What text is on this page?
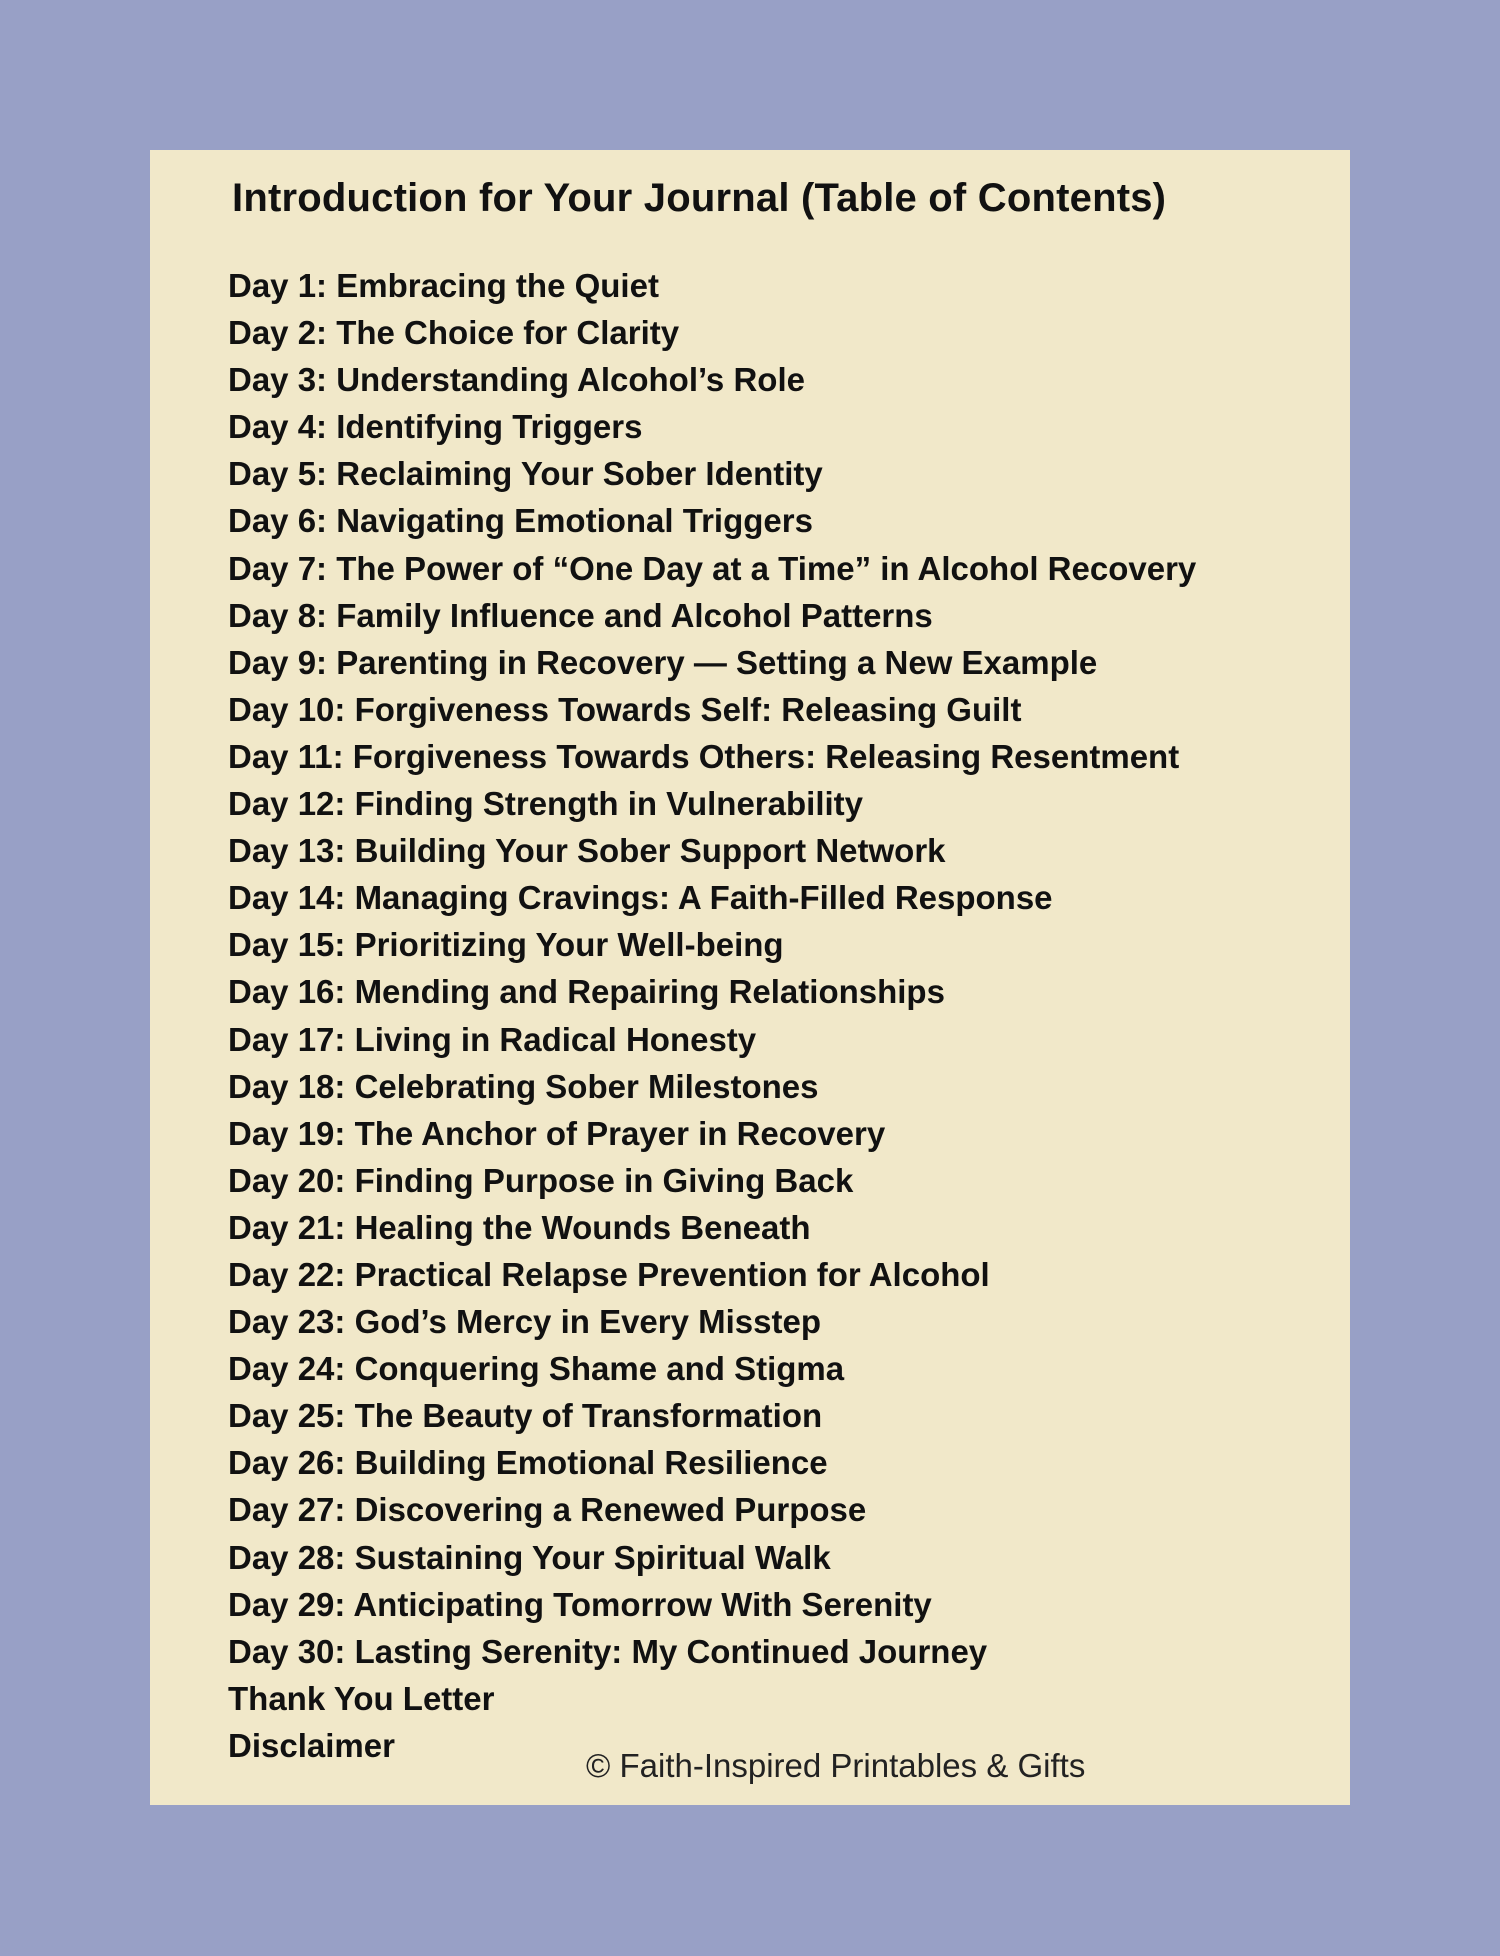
Introduction for Your Journal (Table of Contents)
Day 1: Embracing the Quiet
Day 2: The Choice for Clarity
Day 3: Understanding Alcohol’s Role
Day 4: Identifying Triggers
Day 5: Reclaiming Your Sober Identity
Day 6: Navigating Emotional Triggers
Day 7: The Power of “One Day at a Time” in Alcohol Recovery
Day 8: Family Influence and Alcohol Patterns
Day 9: Parenting in Recovery — Setting a New Example
Day 10: Forgiveness Towards Self: Releasing Guilt
Day 11: Forgiveness Towards Others: Releasing Resentment
Day 12: Finding Strength in Vulnerability
Day 13: Building Your Sober Support Network
Day 14: Managing Cravings: A Faith-Filled Response
Day 15: Prioritizing Your Well-being
Day 16: Mending and Repairing Relationships
Day 17: Living in Radical Honesty
Day 18: Celebrating Sober Milestones
Day 19: The Anchor of Prayer in Recovery
Day 20: Finding Purpose in Giving Back
Day 21: Healing the Wounds Beneath
Day 22: Practical Relapse Prevention for Alcohol
Day 23: God’s Mercy in Every Misstep
Day 24: Conquering Shame and Stigma
Day 25: The Beauty of Transformation
Day 26: Building Emotional Resilience
Day 27: Discovering a Renewed Purpose
Day 28: Sustaining Your Spiritual Walk
Day 29: Anticipating Tomorrow With Serenity
Day 30: Lasting Serenity: My Continued Journey
Thank You Letter
Disclaimer

© Faith-Inspired Printables & Gifts
